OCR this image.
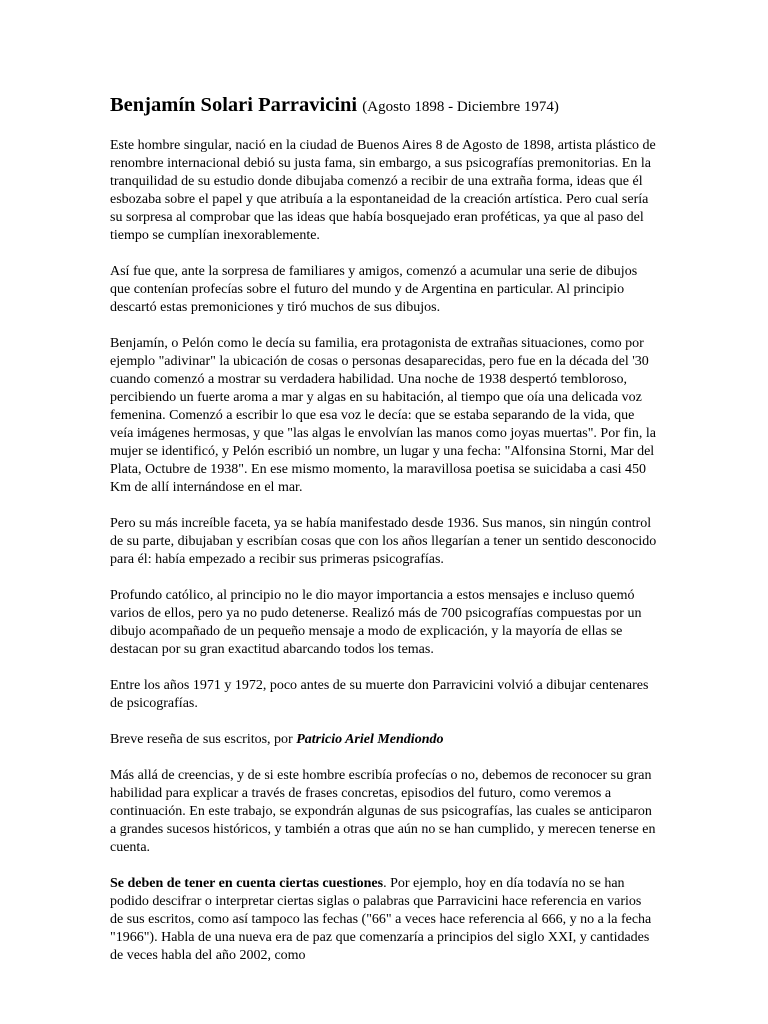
Benjamín Solari Parravicini (Agosto 1898 - Diciembre 1974)

Este hombre singular, nació en la ciudad de Buenos Aires 8 de Agosto de 1898, artista plástico de renombre internacional debió su justa fama, sin embargo, a sus psicografías premonitorias. En la tranquilidad de su estudio donde dibujaba comenzó a recibir de una extraña forma, ideas que él esbozaba sobre el papel y que atribuía a la espontaneidad de la creación artística. Pero cual sería su sorpresa al comprobar que las ideas que había bosquejado eran proféticas, ya que al paso del tiempo se cumplían inexorablemente.

Así fue que, ante la sorpresa de familiares y amigos, comenzó a acumular una serie de dibujos que contenían profecías sobre el futuro del mundo y de Argentina en particular. Al principio descartó estas premoniciones y tiró muchos de sus dibujos.

Benjamín, o Pelón como le decía su familia, era protagonista de extrañas situaciones, como por ejemplo "adivinar" la ubicación de cosas o personas desaparecidas, pero fue en la década del '30 cuando comenzó a mostrar su verdadera habilidad. Una noche de 1938 despertó tembloroso, percibiendo un fuerte aroma a mar y algas en su habitación, al tiempo que oía una delicada voz femenina. Comenzó a escribir lo que esa voz le decía: que se estaba separando de la vida, que veía imágenes hermosas, y que "las algas le envolvían las manos como joyas muertas". Por fin, la mujer se identificó, y Pelón escribió un nombre, un lugar y una fecha: "Alfonsina Storni, Mar del Plata, Octubre de 1938". En ese mismo momento, la maravillosa poetisa se suicidaba a casi 450 Km de allí internándose en el mar.

Pero su más increíble faceta, ya se había manifestado desde 1936. Sus manos, sin ningún control de su parte, dibujaban y escribían cosas que con los años llegarían a tener un sentido desconocido para él: había empezado a recibir sus primeras psicografías.

Profundo católico, al principio no le dio mayor importancia a estos mensajes e incluso quemó varios de ellos, pero ya no pudo detenerse. Realizó más de 700 psicografías compuestas por un dibujo acompañado de un pequeño mensaje a modo de explicación, y la mayoría de ellas se destacan por su gran exactitud abarcando todos los temas.

Entre los años 1971 y 1972, poco antes de su muerte don Parravicini volvió a dibujar centenares de psicografías.

Breve reseña de sus escritos, por Patricio Ariel Mendiondo

Más allá de creencias, y de si este hombre escribía profecías o no, debemos de reconocer su gran habilidad para explicar a través de frases concretas, episodios del futuro, como veremos a continuación. En este trabajo, se expondrán algunas de sus psicografías, las cuales se anticiparon a grandes sucesos históricos, y también a otras que aún no se han cumplido, y merecen tenerse en cuenta.

Se deben de tener en cuenta ciertas cuestiones. Por ejemplo, hoy en día todavía no se han podido descifrar o interpretar ciertas siglas o palabras que Parravicini hace referencia en varios de sus escritos, como así tampoco las fechas ("66" a veces hace referencia al 666, y no a la fecha "1966"). Habla de una nueva era de paz que comenzaría a principios del siglo XXI, y cantidades de veces habla del año 2002, como
